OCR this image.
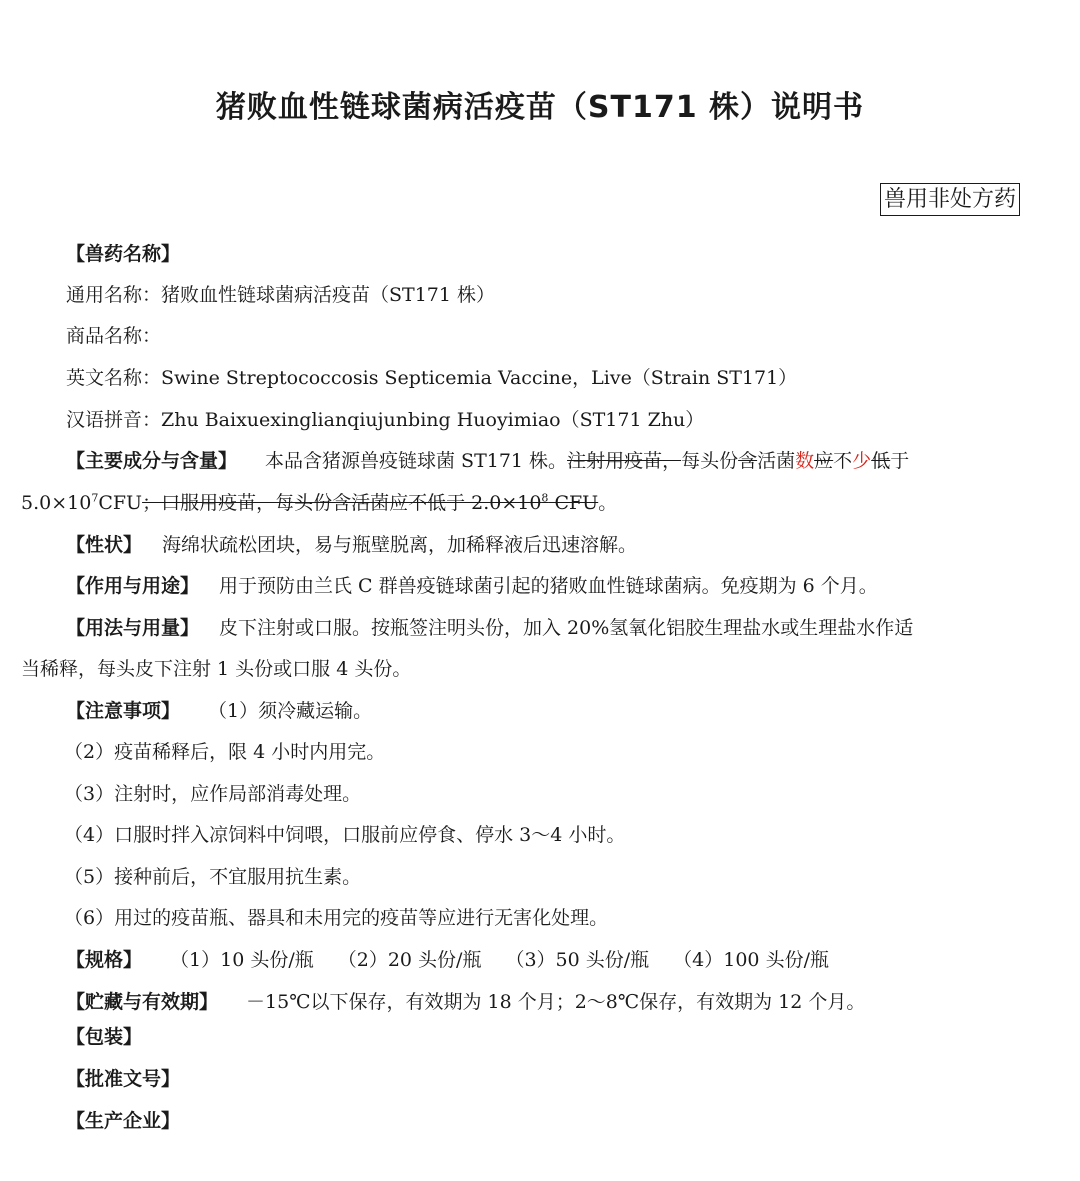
猪败血性链球菌病活疫苗（ST171 株）说明书
兽用非处方药
【兽药名称】
通用名称：猪败血性链球菌病活疫苗（ST171 株）
商品名称：
英文名称：Swine Streptococcosis Septicemia Vaccine，Live（Strain ST171）
汉语拼音：Zhu Baixuexinglianqiujunbing Huoyimiao（ST171 Zhu）
【主要成分与含量】 本品含猪源兽疫链球菌 ST171 株。注射用疫苗，每头份含活菌数应不少低于
$5.0\times 10^7CFU$；口服用疫苗，每头份含活菌应不低于 $2.0\times 10^8$ CFU。
【性状】 海绵状疏松团块，易与瓶壁脱离，加稀释液后迅速溶解。
【作用与用途】 用于预防由兰氏 C 群兽疫链球菌引起的猪败血性链球菌病。免疫期为 6 个月。
【用法与用量】 皮下注射或口服。按瓶签注明头份，加入 20%氢氧化铝胶生理盐水或生理盐水作适
当稀释，每头皮下注射 1 头份或口服 4 头份。
【注意事项】 （1）须冷藏运输。
（2）疫苗稀释后，限 4 小时内用完。
（3）注射时，应作局部消毒处理。
（4）口服时拌入凉饲料中饲喂，口服前应停食、停水 3～4 小时。
（5）接种前后，不宜服用抗生素。
（6）用过的疫苗瓶、器具和未用完的疫苗等应进行无害化处理。
【规格】 （1）10 头份/瓶 （2）20 头份/瓶 （3）50 头份/瓶 （4）100 头份/瓶
【贮藏与有效期】 －15℃以下保存，有效期为 18 个月；2～8℃保存，有效期为 12 个月。
【包装】
【批准文号】
【生产企业】
